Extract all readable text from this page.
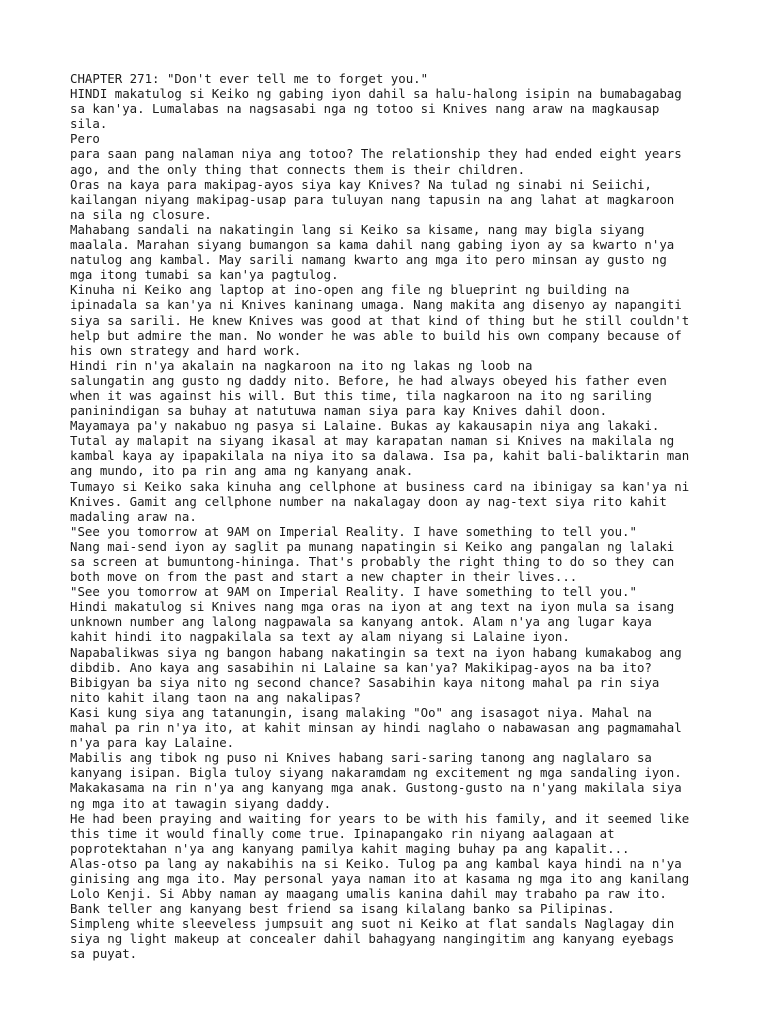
CHAPTER 271: "Don't ever tell me to forget you."
HINDI makatulog si Keiko ng gabing iyon dahil sa halu-halong isipin na bumabagabag
sa kan'ya. Lumalabas na nagsasabi nga ng totoo si Knives nang araw na magkausap
sila.
Pero
para saan pang nalaman niya ang totoo? The relationship they had ended eight years
ago, and the only thing that connects them is their children.
Oras na kaya para makipag-ayos siya kay Knives? Na tulad ng sinabi ni Seiichi,
kailangan niyang makipag-usap para tuluyan nang tapusin na ang lahat at magkaroon
na sila ng closure.
Mahabang sandali na nakatingin lang si Keiko sa kisame, nang may bigla siyang
maalala. Marahan siyang bumangon sa kama dahil nang gabing iyon ay sa kwarto n'ya
natulog ang kambal. May sarili namang kwarto ang mga ito pero minsan ay gusto ng
mga itong tumabi sa kan'ya pagtulog.
Kinuha ni Keiko ang laptop at ino-open ang file ng blueprint ng building na
ipinadala sa kan'ya ni Knives kaninang umaga. Nang makita ang disenyo ay napangiti
siya sa sarili. He knew Knives was good at that kind of thing but he still couldn't
help but admire the man. No wonder he was able to build his own company because of
his own strategy and hard work.
Hindi rin n'ya akalain na nagkaroon na ito ng lakas ng loob na
salungatin ang gusto ng daddy nito. Before, he had always obeyed his father even
when it was against his will. But this time, tila nagkaroon na ito ng sariling
paninindigan sa buhay at natutuwa naman siya para kay Knives dahil doon.
Mayamaya pa'y nakabuo ng pasya si Lalaine. Bukas ay kakausapin niya ang lakaki.
Tutal ay malapit na siyang ikasal at may karapatan naman si Knives na makilala ng
kambal kaya ay ipapakilala na niya ito sa dalawa. Isa pa, kahit bali-baliktarin man
ang mundo, ito pa rin ang ama ng kanyang anak.
Tumayo si Keiko saka kinuha ang cellphone at business card na ibinigay sa kan'ya ni
Knives. Gamit ang cellphone number na nakalagay doon ay nag-text siya rito kahit
madaling araw na.
"See you tomorrow at 9AM on Imperial Reality. I have something to tell you."
Nang mai-send iyon ay saglit pa munang napatingin si Keiko ang pangalan ng lalaki
sa screen at bumuntong-hininga. That's probably the right thing to do so they can
both move on from the past and start a new chapter in their lives...
"See you tomorrow at 9AM on Imperial Reality. I have something to tell you."
Hindi makatulog si Knives nang mga oras na iyon at ang text na iyon mula sa isang
unknown number ang lalong nagpawala sa kanyang antok. Alam n'ya ang lugar kaya
kahit hindi ito nagpakilala sa text ay alam niyang si Lalaine iyon.
Napabalikwas siya ng bangon habang nakatingin sa text na iyon habang kumakabog ang
dibdib. Ano kaya ang sasabihin ni Lalaine sa kan'ya? Makikipag-ayos na ba ito?
Bibigyan ba siya nito ng second chance? Sasabihin kaya nitong mahal pa rin siya
nito kahit ilang taon na ang nakalipas?
Kasi kung siya ang tatanungin, isang malaking "Oo" ang isasagot niya. Mahal na
mahal pa rin n'ya ito, at kahit minsan ay hindi naglaho o nabawasan ang pagmamahal
n'ya para kay Lalaine.
Mabilis ang tibok ng puso ni Knives habang sari-saring tanong ang naglalaro sa
kanyang isipan. Bigla tuloy siyang nakaramdam ng excitement ng mga sandaling iyon.
Makakasama na rin n'ya ang kanyang mga anak. Gustong-gusto na n'yang makilala siya
ng mga ito at tawagin siyang daddy.
He had been praying and waiting for years to be with his family, and it seemed like
this time it would finally come true. Ipinapangako rin niyang aalagaan at
poprotektahan n'ya ang kanyang pamilya kahit maging buhay pa ang kapalit...
Alas-otso pa lang ay nakabihis na si Keiko. Tulog pa ang kambal kaya hindi na n'ya
ginising ang mga ito. May personal yaya naman ito at kasama ng mga ito ang kanilang
Lolo Kenji. Si Abby naman ay maagang umalis kanina dahil may trabaho pa raw ito.
Bank teller ang kanyang best friend sa isang kilalang banko sa Pilipinas.
Simpleng white sleeveless jumpsuit ang suot ni Keiko at flat sandals Naglagay din
siya ng light makeup at concealer dahil bahagyang nangingitim ang kanyang eyebags
sa puyat.
